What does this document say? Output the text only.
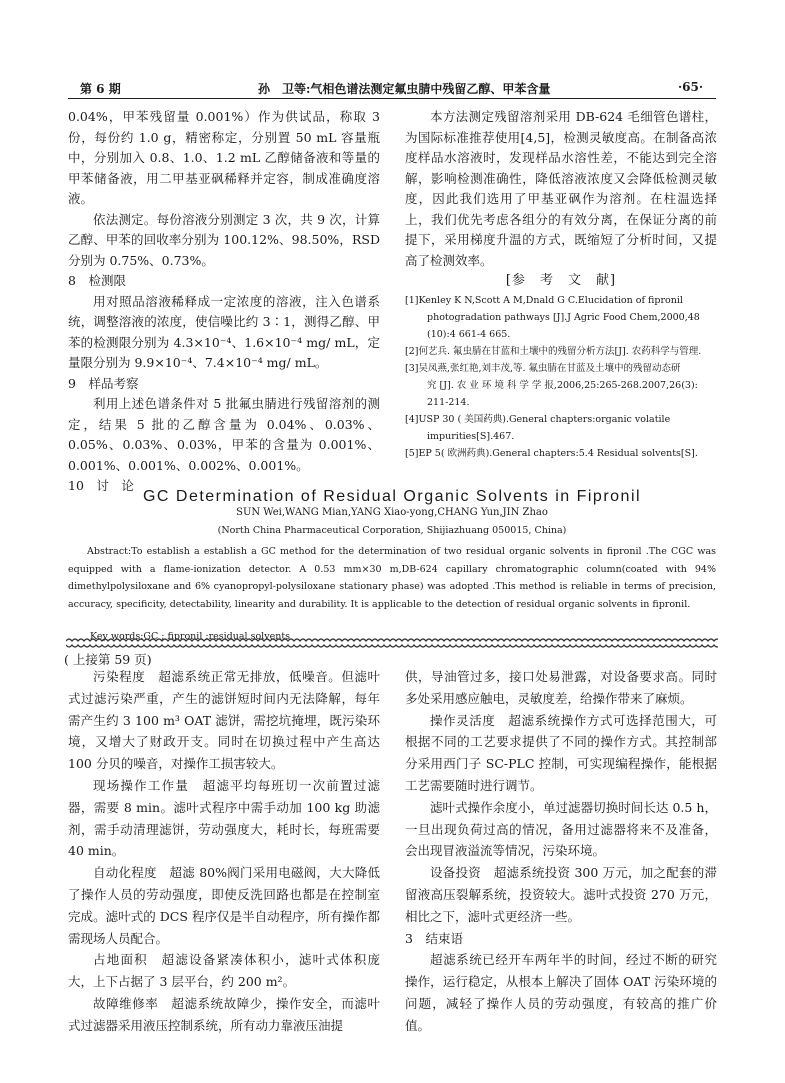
第 6 期	孙　卫等:气相色谱法测定氟虫腈中残留乙醇、甲苯含量	·65·

0.04%，甲苯残留量 0.001%）作为供试品，称取 3 份，每份约 1.0 g，精密称定，分别置 50 mL 容量瓶中，分别加入 0.8、1.0、1.2 mL 乙醇储备液和等量的甲苯储备液，用二甲基亚砜稀释并定容，制成准确度溶液。

依法测定。每份溶液分别测定 3 次，共 9 次，计算乙醇、甲苯的回收率分别为 100.12%、98.50%，RSD 分别为 0.75%、0.73%。

8　检测限

用对照品溶液稀释成一定浓度的溶液，注入色谱系统，调整溶液的浓度，使信噪比约 3∶1，测得乙醇、甲苯的检测限分别为 4.3×10⁻⁴、1.6×10⁻⁴ mg/ mL，定量限分别为 9.9×10⁻⁴、7.4×10⁻⁴ mg/ mL。

9　样品考察

利用上述色谱条件对 5 批氟虫腈进行残留溶剂的测定，结果 5 批的乙醇含量为 0.04%、0.03%、0.05%、0.03%、0.03%，甲苯的含量为 0.001%、0.001%、0.001%、0.002%、0.001%。

10　讨　论

本方法测定残留溶剂采用 DB-624 毛细管色谱柱，为国际标准推荐使用[4,5]，检测灵敏度高。在制备高浓度样品水溶液时，发现样品水溶性差，不能达到完全溶解，影响检测准确性，降低溶液浓度又会降低检测灵敏度，因此我们选用了甲基亚砜作为溶剂。在柱温选择上，我们优先考虑各组分的有效分离，在保证分离的前提下，采用梯度升温的方式，既缩短了分析时间，又提高了检测效率。

[参　考　文　献]

[1]Kenley K N,Scott A M,Dnald G C.Elucidation of fipronil

photogradation pathways [J].J Agric Food Chem,2000,48

(10):4 661-4 665.

[2]何艺兵. 氟虫腈在甘蓝和土壤中的残留分析方法[J]. 农药科学与管理.

[3]吴凤燕,张红艳,刘丰茂,等. 氟虫腈在甘蓝及土壤中的残留动态研

究 [J]. 农 业 环 境 科 学 学 报,2006,25:265-268.2007,26(3):

211-214.

[4]USP 30 ( 美国药典).General chapters:organic volatile

impurities[S].467.

[5]EP 5( 欧洲药典).General chapters:5.4 Residual solvents[S].

GC Determination of Residual Organic Solvents in Fipronil
SUN Wei,WANG Mian,YANG Xiao-yong,CHANG Yun,JIN Zhao
(North China Pharmaceutical Corporation, Shijiazhuang 050015, China)
Abstract:To establish a establish a GC method for the determination of two residual organic solvents in fipronil .The CGC was equipped with a flame-ionization detector. A 0.53 mm×30 m,DB-624 capillary chromatographic column(coated with 94% dimethylpolysiloxane and 6% cyanopropyl-polysiloxane stationary phase) was adopted .This method is reliable in terms of precision, accuracy, specificity, detectability, linearity and durability. It is applicable to the detection of residual organic solvents in fipronil.
Key words:GC ; fipronil ;residual solvents
( 上接第 59 页)

污染程度　超滤系统正常无排放，低噪音。但滤叶式过滤污染严重，产生的滤饼短时间内无法降解，每年需产生约 3 100 m³ OAT 滤饼，需挖坑掩埋，既污染环境，又增大了财政开支。同时在切换过程中产生高达 100 分贝的噪音，对操作工损害较大。

现场操作工作量　超滤平均每班切一次前置过滤器，需要 8 min。滤叶式程序中需手动加 100 kg 助滤剂，需手动清理滤饼，劳动强度大，耗时长，每班需要 40 min。

自动化程度　超滤 80%阀门采用电磁阀，大大降低了操作人员的劳动强度，即使反洗回路也都是在控制室完成。滤叶式的 DCS 程序仅是半自动程序，所有操作都需现场人员配合。

占地面积　超滤设备紧凑体积小，滤叶式体积庞大，上下占据了 3 层平台，约 200 m²。

故障维修率　超滤系统故障少，操作安全，而滤叶式过滤器采用液压控制系统，所有动力靠液压油提

供，导油管过多，接口处易泄露，对设备要求高。同时多处采用感应触电，灵敏度差，给操作带来了麻烦。

操作灵活度　超滤系统操作方式可选择范围大，可根据不同的工艺要求提供了不同的操作方式。其控制部分采用西门子 SC-PLC 控制，可实现编程操作，能根据工艺需要随时进行调节。

滤叶式操作余度小，单过滤器切换时间长达 0.5 h，一旦出现负荷过高的情况，备用过滤器将来不及准备，会出现冒液溢流等情况，污染环境。

设备投资　超滤系统投资 300 万元，加之配套的滞留液高压裂解系统，投资较大。滤叶式投资 270 万元，相比之下，滤叶式更经济一些。

3　结束语

超滤系统已经开车两年半的时间，经过不断的研究操作，运行稳定，从根本上解决了固体 OAT 污染环境的问题，减轻了操作人员的劳动强度，有较高的推广价值。
